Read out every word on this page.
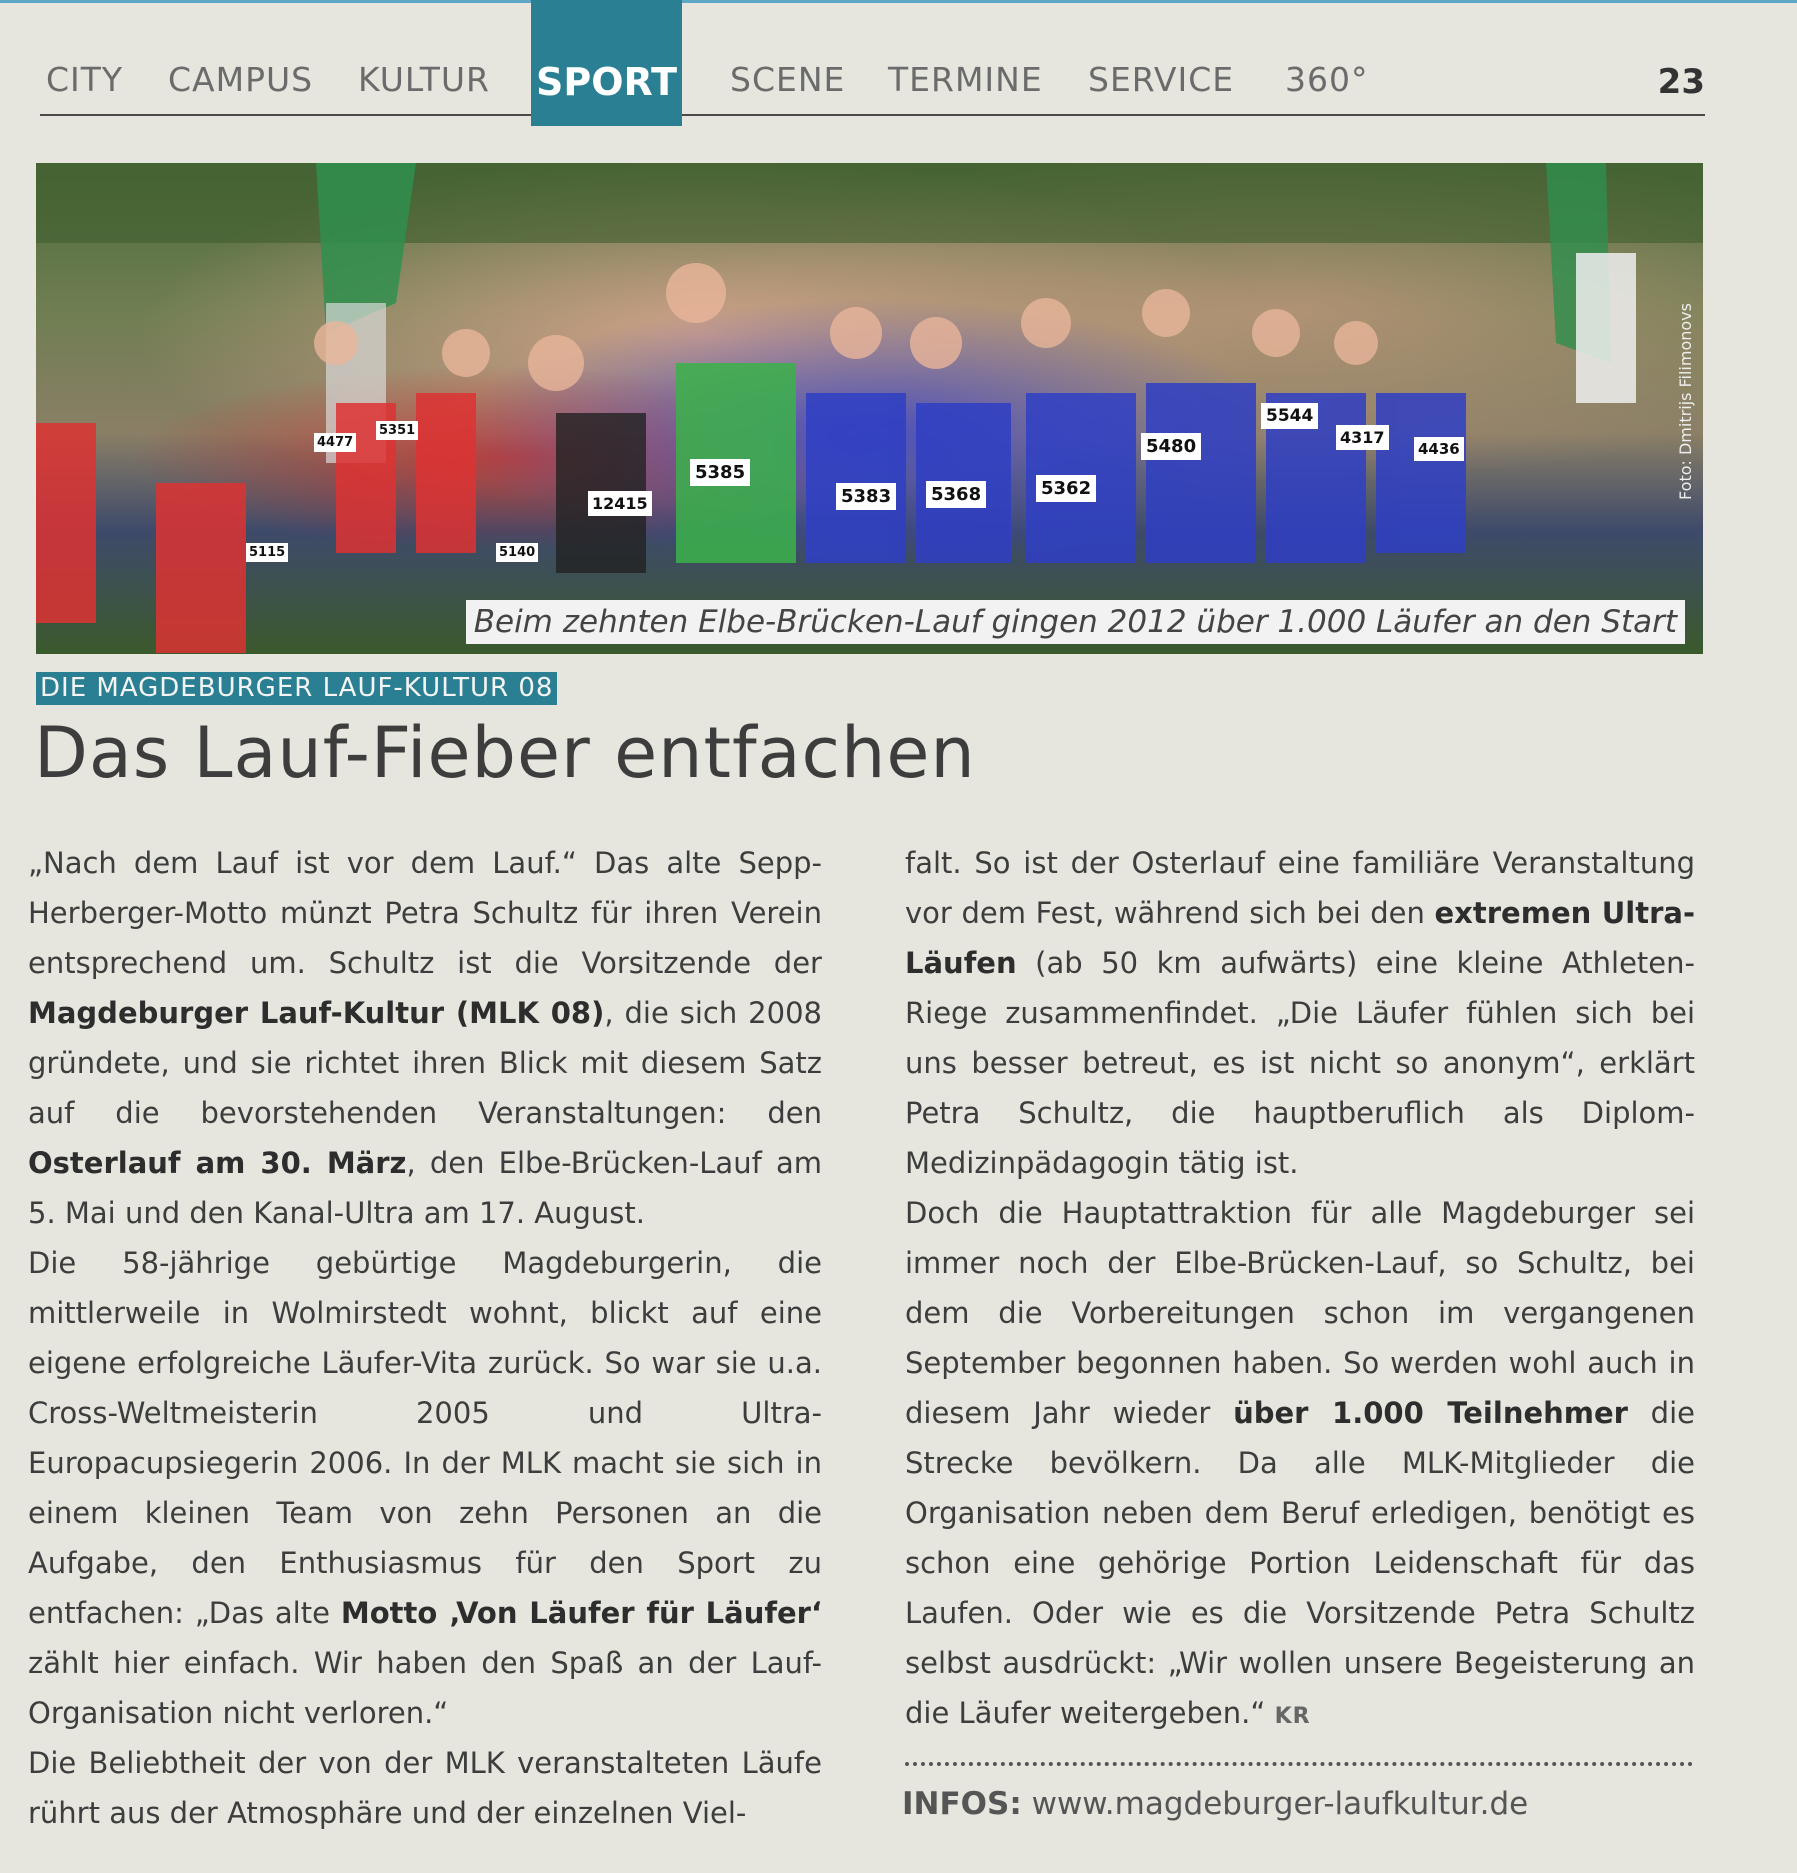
CITY CAMPUS KULTUR SPORT SCENE TERMINE SERVICE 360°	23
4477
5351
5115	5140
12415
5385
5383 5368	5362
5480
5544
4317
4436	Foto: Dmitrijs Filimonovs
Beim zehnten Elbe-Brücken-Lauf gingen 2012 über 1.000 Läufer an den Start
DIE MAGDEBURGER LAUF-KULTUR 08
Das Lauf-Fieber entfachen

„Nach dem Lauf ist vor dem Lauf.“ Das alte Sepp-Herberger-Motto münzt Petra Schultz für ihren Verein entsprechend um. Schultz ist die Vorsitzende der Magdeburger Lauf-Kultur (MLK 08), die sich 2008 gründete, und sie richtet ihren Blick mit diesem Satz auf die bevorstehenden Veranstaltungen: den Osterlauf am 30. März, den Elbe-Brücken-Lauf am 5. Mai und den Kanal-Ultra am 17. August.

Die 58-jährige gebürtige Magdeburgerin, die mittlerweile in Wolmirstedt wohnt, blickt auf eine eigene erfolgreiche Läufer-Vita zurück. So war sie u.a. Cross-Weltmeisterin 2005 und Ultra-Europacupsiegerin 2006. In der MLK macht sie sich in einem kleinen Team von zehn Personen an die Aufgabe, den Enthusiasmus für den Sport zu entfachen: „Das alte Motto ‚Von Läufer für Läufer‘ zählt hier einfach. Wir haben den Spaß an der Lauf-Organisation nicht verloren.“

Die Beliebtheit der von der MLK veranstalteten Läufe rührt aus der Atmosphäre und der einzelnen Viel-

falt. So ist der Osterlauf eine familiäre Veranstaltung vor dem Fest, während sich bei den extremen Ultra-Läufen (ab 50 km aufwärts) eine kleine Athleten-Riege zusammenfindet. „Die Läufer fühlen sich bei uns besser betreut, es ist nicht so anonym“, erklärt Petra Schultz, die hauptberuflich als Diplom-Medizinpädagogin tätig ist.

Doch die Hauptattraktion für alle Magdeburger sei immer noch der Elbe-Brücken-Lauf, so Schultz, bei dem die Vorbereitungen schon im vergangenen September begonnen haben. So werden wohl auch in diesem Jahr wieder über 1.000 Teilnehmer die Strecke bevölkern. Da alle MLK-Mitglieder die Organisation neben dem Beruf erledigen, benötigt es schon eine gehörige Portion Leidenschaft für das Laufen. Oder wie es die Vorsitzende Petra Schultz selbst ausdrückt: „Wir wollen unsere Begeisterung an die Läufer weitergeben.“ KR

INFOS: www.magdeburger-laufkultur.de
